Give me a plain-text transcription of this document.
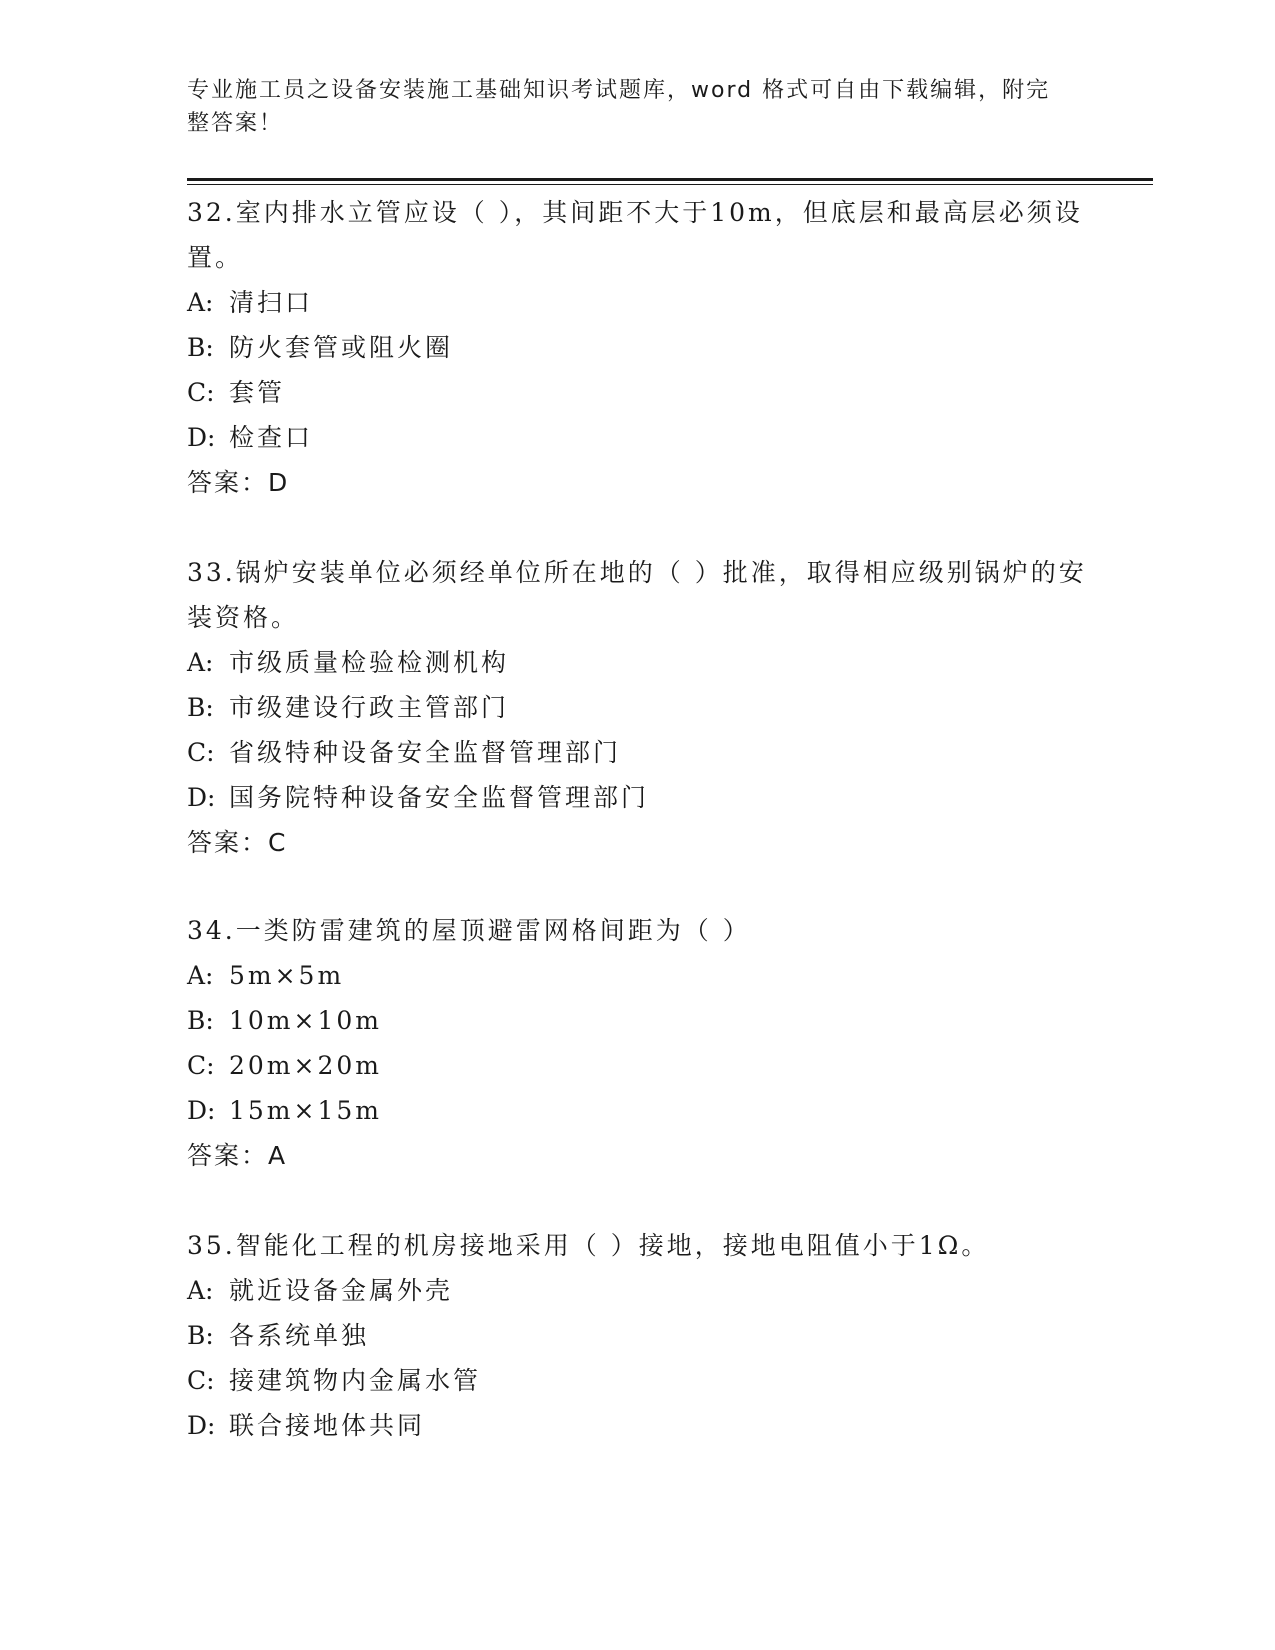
专业施工员之设备安装施工基础知识考试题库，word 格式可自由下载编辑，附完整答案！

32.室内排水立管应设（ ），其间距不大于10m，但底层和最高层必须设置。

A: 清扫口

B: 防火套管或阻火圈

C: 套管

D: 检查口

答案：D

33.锅炉安装单位必须经单位所在地的（ ）批准，取得相应级别锅炉的安装资格。

A: 市级质量检验检测机构

B: 市级建设行政主管部门

C: 省级特种设备安全监督管理部门

D: 国务院特种设备安全监督管理部门

答案：C

34.一类防雷建筑的屋顶避雷网格间距为（ ）

A: 5m×5m

B: 10m×10m

C: 20m×20m

D: 15m×15m

答案：A

35.智能化工程的机房接地采用（ ）接地，接地电阻值小于1Ω。

A: 就近设备金属外壳

B: 各系统单独

C: 接建筑物内金属水管

D: 联合接地体共同
